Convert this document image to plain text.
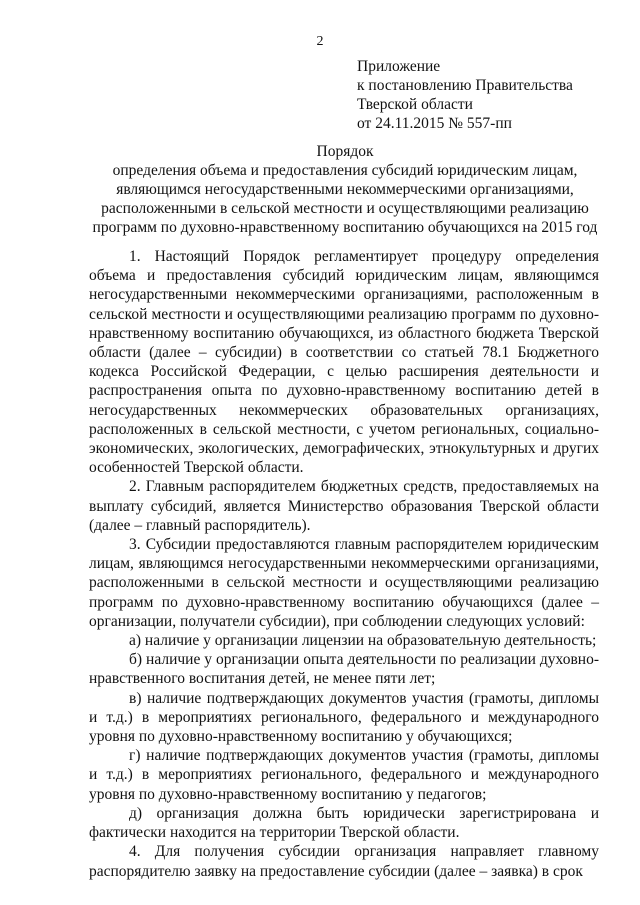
2
Приложение
к постановлению Правительства
Тверской области
от 24.11.2015 № 557-пп
Порядок
определения объема и предоставления субсидий юридическим лицам,
являющимся негосударственными некоммерческими организациями,
расположенными в сельской местности и осуществляющими реализацию
программ по духовно-нравственному воспитанию обучающихся на 2015 год

1. Настоящий Порядок регламентирует процедуру определения объема и предоставления субсидий юридическим лицам, являющимся негосударственными некоммерческими организациями, расположенным в сельской местности и осуществляющими реализацию программ по духовно-нравственному воспитанию обучающихся, из областного бюджета Тверской области (далее – субсидии) в соответствии со статьей 78.1 Бюджетного кодекса Российской Федерации, с целью расширения деятельности и распространения опыта по духовно-нравственному воспитанию детей в негосударственных некоммерческих образовательных организациях, расположенных в сельской местности, с учетом региональных, социально-экономических, экологических, демографических, этнокультурных и других особенностей Тверской области.

2. Главным распорядителем бюджетных средств, предоставляемых на выплату субсидий, является Министерство образования Тверской области (далее – главный распорядитель).

3. Субсидии предоставляются главным распорядителем юридическим лицам, являющимся негосударственными некоммерческими организациями, расположенными в сельской местности и осуществляющими реализацию программ по духовно-нравственному воспитанию обучающихся (далее – организации, получатели субсидии), при соблюдении следующих условий:

а) наличие у организации лицензии на образовательную деятельность;

б) наличие у организации опыта деятельности по реализации духовно-нравственного воспитания детей, не менее пяти лет;

в) наличие подтверждающих документов участия (грамоты, дипломы и т.д.) в мероприятиях регионального, федерального и международного уровня по духовно-нравственному воспитанию у обучающихся;

г) наличие подтверждающих документов участия (грамоты, дипломы и т.д.) в мероприятиях регионального, федерального и международного уровня по духовно-нравственному воспитанию у педагогов;

д) организация должна быть юридически зарегистрирована и фактически находится на территории Тверской области.

4. Для получения субсидии организация направляет главному распорядителю заявку на предоставление субсидии (далее – заявка) в срок
